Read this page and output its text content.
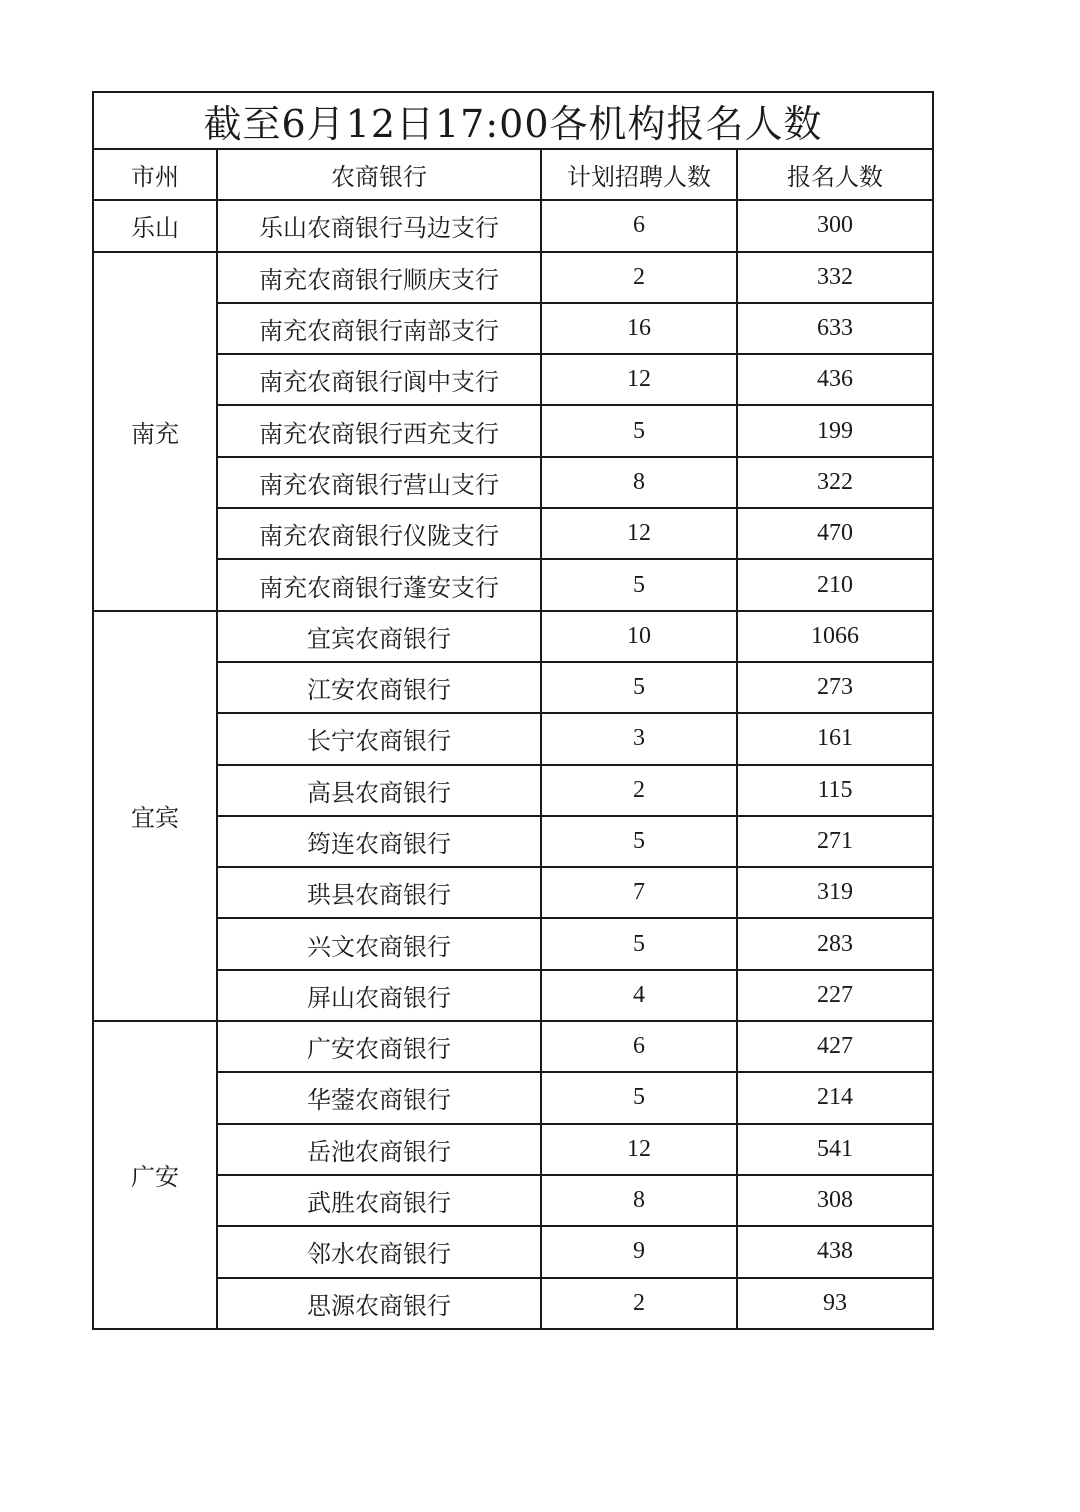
截至6月12日17:00各机构报名人数			
市州	农商银行	计划招聘人数	报名人数
乐山	乐山农商银行马边支行	6	300
南充	南充农商银行顺庆支行	2	332
	南充农商银行南部支行	16	633
	南充农商银行阆中支行	12	436
	南充农商银行西充支行	5	199
	南充农商银行营山支行	8	322
	南充农商银行仪陇支行	12	470
	南充农商银行蓬安支行	5	210
宜宾	宜宾农商银行	10	1066
	江安农商银行	5	273
	长宁农商银行	3	161
	高县农商银行	2	115
	筠连农商银行	5	271
	珙县农商银行	7	319
	兴文农商银行	5	283
	屏山农商银行	4	227
广安	广安农商银行	6	427
	华蓥农商银行	5	214
	岳池农商银行	12	541
	武胜农商银行	8	308
	邻水农商银行	9	438
	思源农商银行	2	93
